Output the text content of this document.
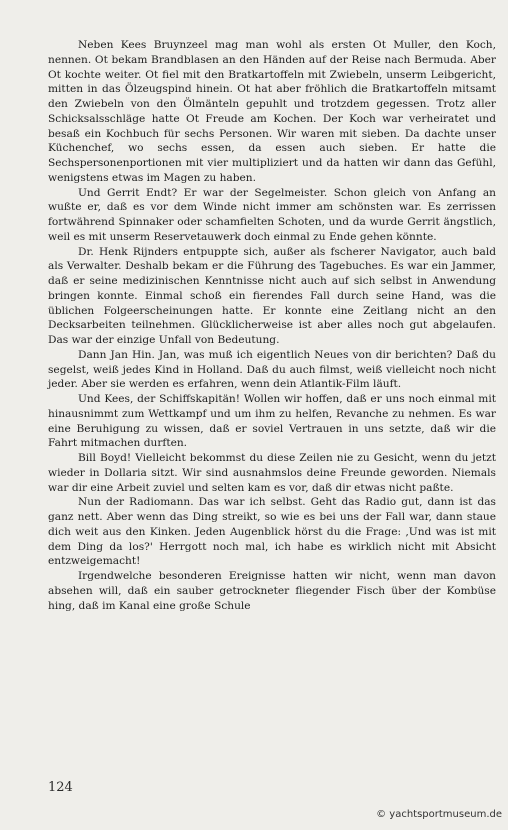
Neben Kees Bruynzeel mag man wohl als ersten Ot Muller, den Koch, nennen. Ot bekam Brandblasen an den Händen auf der Reise nach Bermuda. Aber Ot kochte weiter. Ot fiel mit den Bratkartoffeln mit Zwiebeln, unserm Leibgericht, mitten in das Ölzeugspind hinein. Ot hat aber fröhlich die Bratkartoffeln mitsamt den Zwiebeln von den Ölmänteln gepuhlt und trotzdem gegessen. Trotz aller Schicksalsschläge hatte Ot Freude am Kochen. Der Koch war verheiratet und besaß ein Kochbuch für sechs Personen. Wir waren mit sieben. Da dachte unser Küchenchef, wo sechs essen, da essen auch sieben. Er hatte die Sechspersonenportionen mit vier multipliziert und da hatten wir dann das Gefühl, wenigstens etwas im Magen zu haben.

Und Gerrit Endt? Er war der Segelmeister. Schon gleich von Anfang an wußte er, daß es vor dem Winde nicht immer am schönsten war. Es zerrissen fortwährend Spinnaker oder schamfielten Schoten, und da wurde Gerrit ängstlich, weil es mit unserm Reservetauwerk doch einmal zu Ende gehen könnte.

Dr. Henk Rijnders entpuppte sich, außer als fscherer Navigator, auch bald als Verwalter. Deshalb bekam er die Führung des Tagebuches. Es war ein Jammer, daß er seine medizinischen Kenntnisse nicht auch auf sich selbst in Anwendung bringen konnte. Einmal schoß ein fierendes Fall durch seine Hand, was die üblichen Folgeerscheinungen hatte. Er konnte eine Zeitlang nicht an den Decksarbeiten teilnehmen. Glücklicherweise ist aber alles noch gut abgelaufen. Das war der einzige Unfall von Bedeutung.

Dann Jan Hin. Jan, was muß ich eigentlich Neues von dir berichten? Daß du segelst, weiß jedes Kind in Holland. Daß du auch filmst, weiß vielleicht noch nicht jeder. Aber sie werden es erfahren, wenn dein Atlantik-Film läuft.

Und Kees, der Schiffskapitän! Wollen wir hoffen, daß er uns noch einmal mit hinausnimmt zum Wettkampf und um ihm zu helfen, Revanche zu nehmen. Es war eine Beruhigung zu wissen, daß er soviel Vertrauen in uns setzte, daß wir die Fahrt mitmachen durften.

Bill Boyd! Vielleicht bekommst du diese Zeilen nie zu Gesicht, wenn du jetzt wieder in Dollaria sitzt. Wir sind ausnahmslos deine Freunde geworden. Niemals war dir eine Arbeit zuviel und selten kam es vor, daß dir etwas nicht paßte.

Nun der Radiomann. Das war ich selbst. Geht das Radio gut, dann ist das ganz nett. Aber wenn das Ding streikt, so wie es bei uns der Fall war, dann staue dich weit aus den Kinken. Jeden Augenblick hörst du die Frage: ‚Und was ist mit dem Ding da los?' Herrgott noch mal, ich habe es wirklich nicht mit Absicht entzweigemacht!

Irgendwelche besonderen Ereignisse hatten wir nicht, wenn man davon absehen will, daß ein sauber getrockneter fliegender Fisch über der Kombüse hing, daß im Kanal eine große Schule

124
© yachtsportmuseum.de
